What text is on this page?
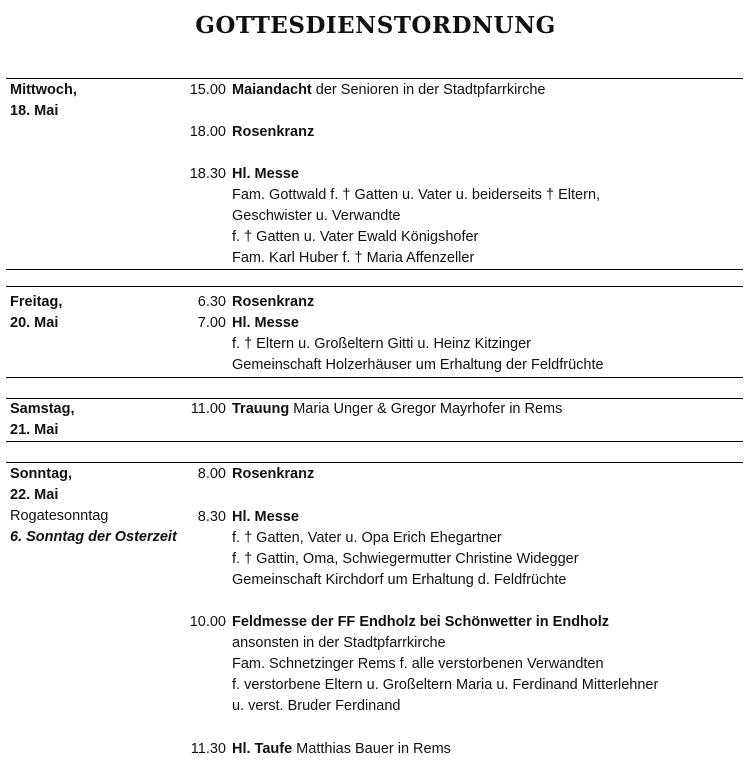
gottesdienstordnung
Mittwoch,
18. Mai
15.00 Maiandacht der Senioren in der Stadtpfarrkirche
18.00 Rosenkranz
18.30 Hl. Messe
Fam. Gottwald f. † Gatten u. Vater u. beiderseits † Eltern,
Geschwister u. Verwandte
f. † Gatten u. Vater Ewald Königshofer
Fam. Karl Huber f. † Maria Affenzeller
Freitag,
20. Mai
6.30 Rosenkranz
7.00 Hl. Messe
f. † Eltern u. Großeltern Gitti u. Heinz Kitzinger
Gemeinschaft Holzerhäuser um Erhaltung der Feldfrüchte
Samstag,
21. Mai
11.00 Trauung Maria Unger & Gregor Mayrhofer in Rems
Sonntag,
22. Mai
Rogatesonntag
6. Sonntag der Osterzeit
8.00 Rosenkranz
8.30 Hl. Messe
f. † Gatten, Vater u. Opa Erich Ehegartner
f. † Gattin, Oma, Schwiegermutter Christine Widegger
Gemeinschaft Kirchdorf um Erhaltung d. Feldfrüchte
10.00 Feldmesse der FF Endholz bei Schönwetter in Endholz
ansonsten in der Stadtpfarrkirche
Fam. Schnetzinger Rems f. alle verstorbenen Verwandten
f. verstorbene Eltern u. Großeltern Maria u. Ferdinand Mitterlehner
u. verst. Bruder Ferdinand
11.30 Hl. Taufe Matthias Bauer in Rems
